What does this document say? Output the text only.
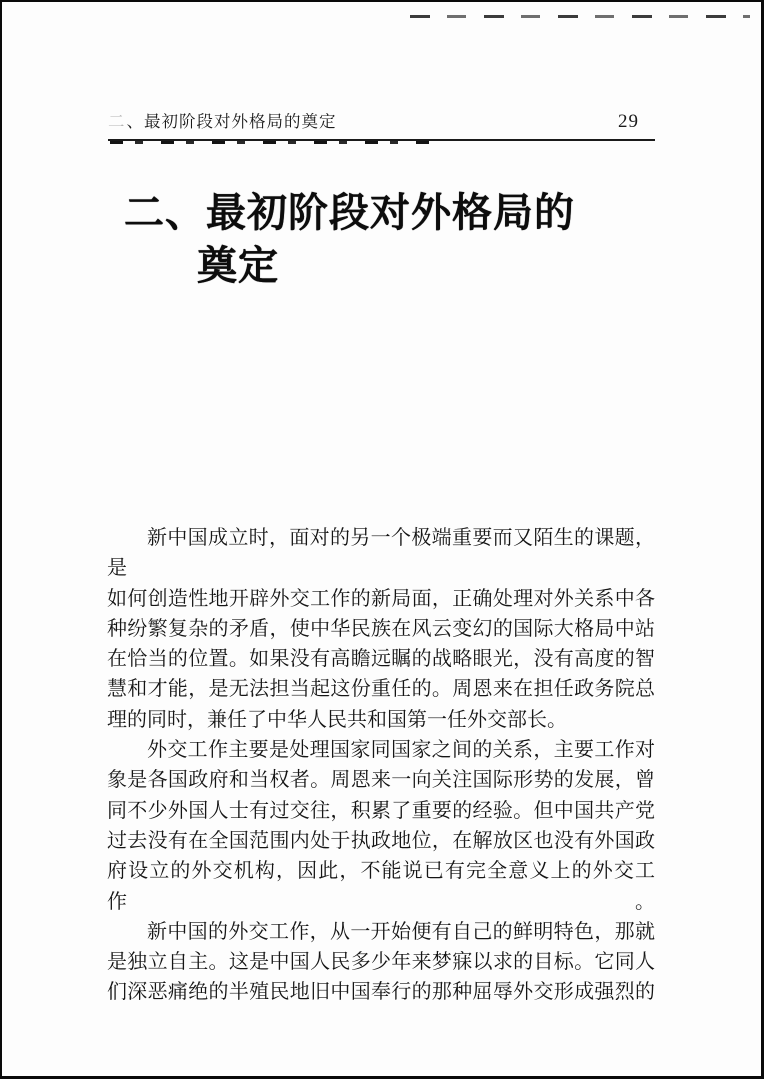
二、最初阶段对外格局的奠定	29
二、最初阶段对外格局的
奠定

新中国成立时，面对的另一个极端重要而又陌生的课题，是

如何创造性地开辟外交工作的新局面，正确处理对外关系中各

种纷繁复杂的矛盾，使中华民族在风云变幻的国际大格局中站

在恰当的位置。如果没有高瞻远瞩的战略眼光，没有高度的智

慧和才能，是无法担当起这份重任的。周恩来在担任政务院总

理的同时，兼任了中华人民共和国第一任外交部长。

外交工作主要是处理国家同国家之间的关系，主要工作对

象是各国政府和当权者。周恩来一向关注国际形势的发展，曾

同不少外国人士有过交往，积累了重要的经验。但中国共产党

过去没有在全国范围内处于执政地位，在解放区也没有外国政

府设立的外交机构，因此，不能说已有完全意义上的外交工作。

新中国的外交工作，从一开始便有自己的鲜明特色，那就

是独立自主。这是中国人民多少年来梦寐以求的目标。它同人

们深恶痛绝的半殖民地旧中国奉行的那种屈辱外交形成强烈的
